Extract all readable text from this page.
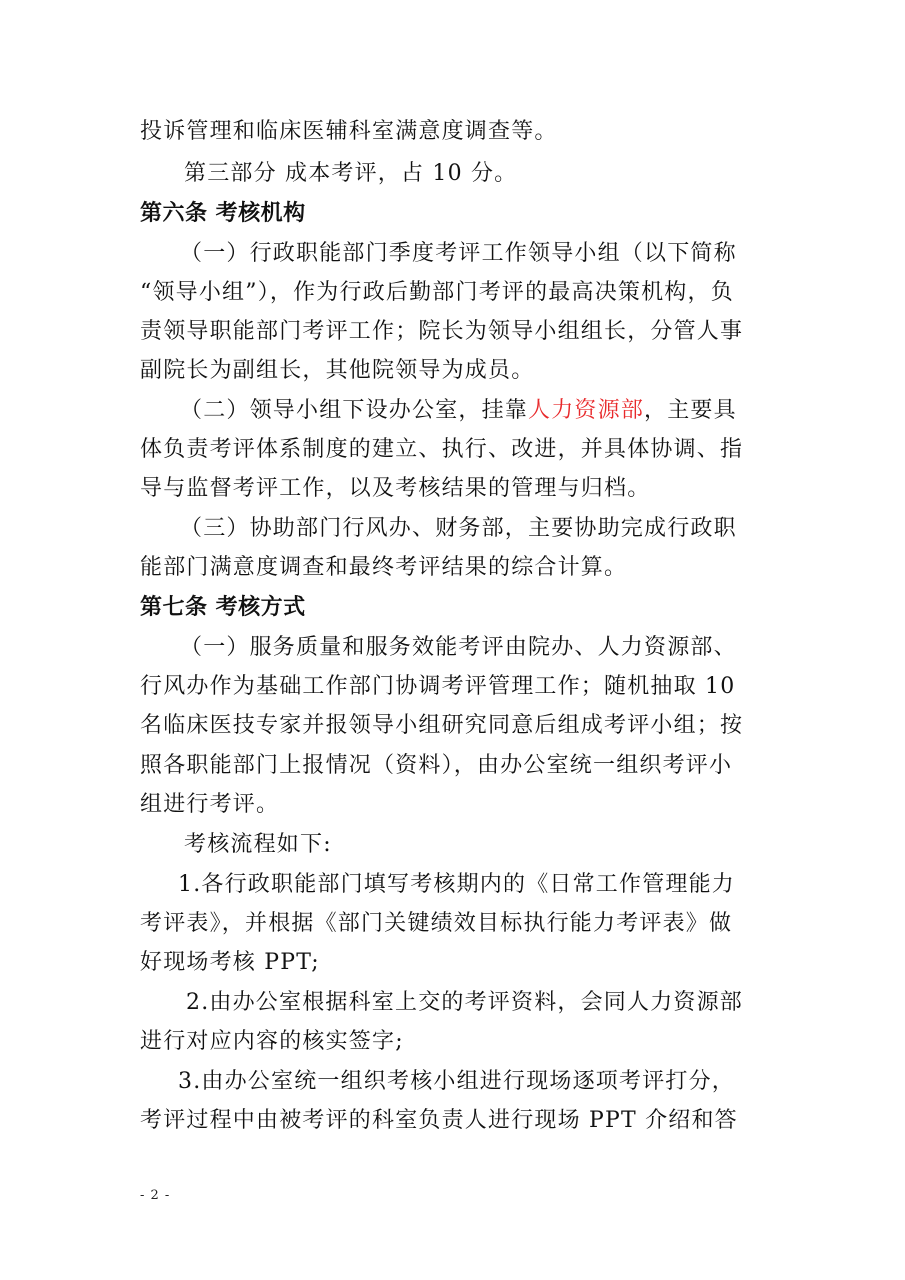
投诉管理和临床医辅科室满意度调查等。
第三部分 成本考评，占 10 分。
第六条 考核机构
（一）行政职能部门季度考评工作领导小组（以下简称
“领导小组”），作为行政后勤部门考评的最高决策机构，负
责领导职能部门考评工作；院长为领导小组组长，分管人事
副院长为副组长，其他院领导为成员。
（二）领导小组下设办公室，挂靠人力资源部，主要具
体负责考评体系制度的建立、执行、改进，并具体协调、指
导与监督考评工作，以及考核结果的管理与归档。
（三）协助部门行风办、财务部，主要协助完成行政职
能部门满意度调查和最终考评结果的综合计算。
第七条 考核方式
（一）服务质量和服务效能考评由院办、人力资源部、
行风办作为基础工作部门协调考评管理工作；随机抽取 10
名临床医技专家并报领导小组研究同意后组成考评小组；按
照各职能部门上报情况（资料），由办公室统一组织考评小
组进行考评。
考核流程如下:
1.各行政职能部门填写考核期内的《日常工作管理能力
考评表》，并根据《部门关键绩效目标执行能力考评表》做
好现场考核 PPT;
2.由办公室根据科室上交的考评资料，会同人力资源部
进行对应内容的核实签字;
3.由办公室统一组织考核小组进行现场逐项考评打分，
考评过程中由被考评的科室负责人进行现场 PPT 介绍和答
- 2 -
